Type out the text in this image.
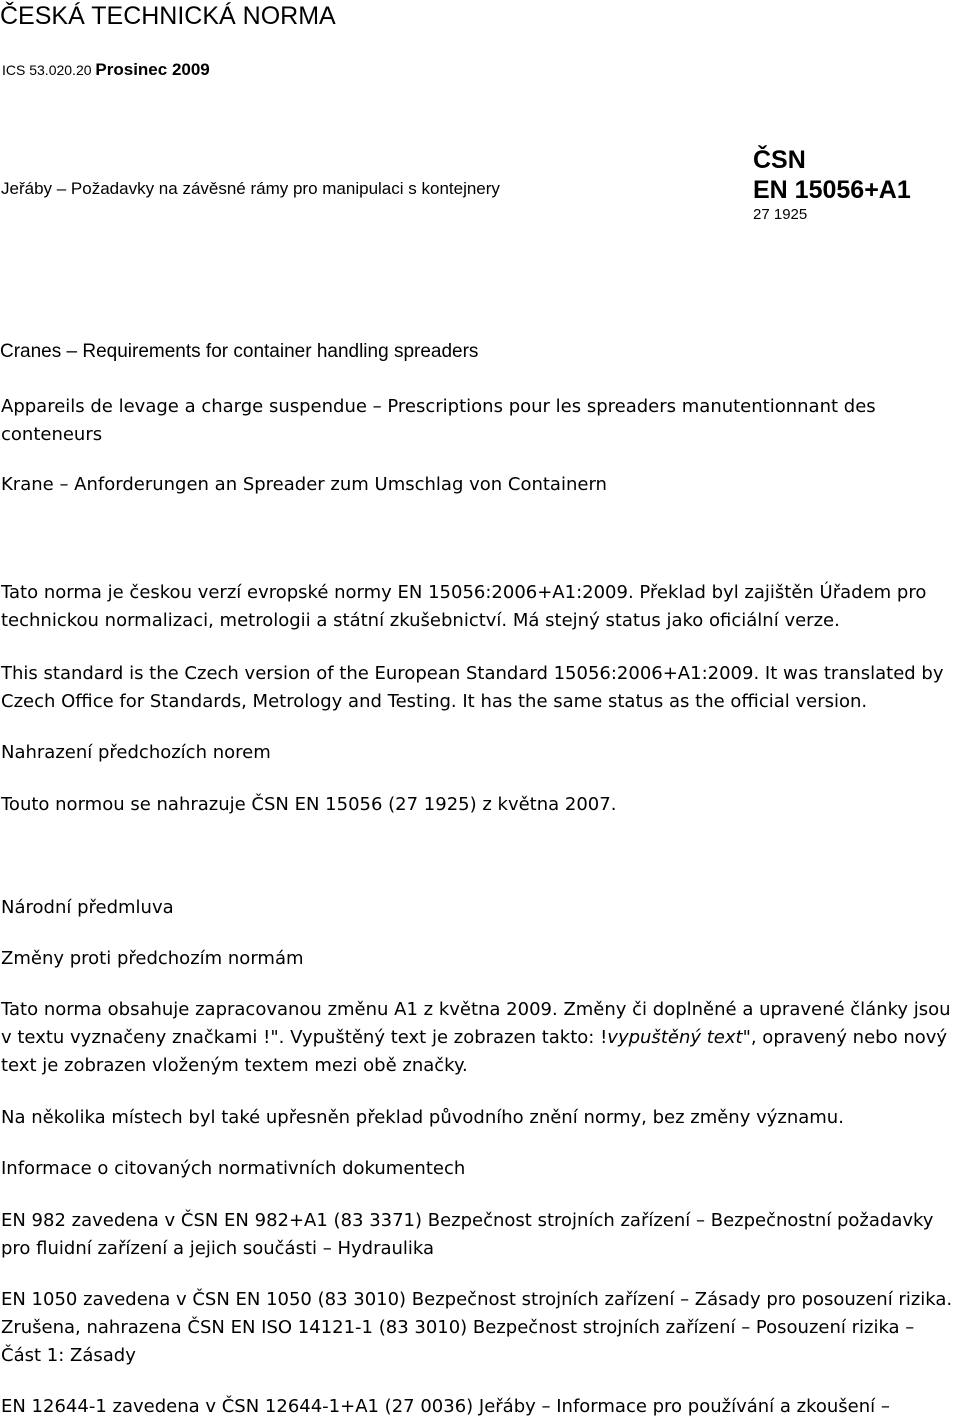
ČESKÁ TECHNICKÁ NORMA
ICS 53.020.20 Prosinec 2009
Jeřáby – Požadavky na závěsné rámy pro manipulaci s kontejnery
ČSN
EN 15056+A1
27 1925
Cranes – Requirements for container handling spreaders
Appareils de levage a charge suspendue – Prescriptions pour les spreaders manutentionnant des conteneurs
Krane – Anforderungen an Spreader zum Umschlag von Containern
Tato norma je českou verzí evropské normy EN 15056:2006+A1:2009. Překlad byl zajištěn Úřadem pro technickou normalizaci, metrologii a státní zkušebnictví. Má stejný status jako oficiální verze.
This standard is the Czech version of the European Standard 15056:2006+A1:2009. It was translated by Czech Office for Standards, Metrology and Testing. It has the same status as the official version.
Nahrazení předchozích norem
Touto normou se nahrazuje ČSN EN 15056 (27 1925) z května 2007.
Národní předmluva
Změny proti předchozím normám
Tato norma obsahuje zapracovanou změnu A1 z května 2009. Změny či doplněné a upravené články jsou v textu vyznačeny značkami !". Vypuštěný text je zobrazen takto: !vypuštěný text", opravený nebo nový text je zobrazen vloženým textem mezi obě značky.
Na několika místech byl také upřesněn překlad původního znění normy, bez změny významu.
Informace o citovaných normativních dokumentech
EN 982 zavedena v ČSN EN 982+A1 (83 3371) Bezpečnost strojních zařízení – Bezpečnostní požadavky pro fluidní zařízení a jejich součásti – Hydraulika
EN 1050 zavedena v ČSN EN 1050 (83 3010) Bezpečnost strojních zařízení – Zásady pro posouzení rizika. Zrušena, nahrazena ČSN EN ISO 14121-1 (83 3010) Bezpečnost strojních zařízení – Posouzení rizika – Část 1: Zásady
EN 12644-1 zavedena v ČSN 12644-1+A1 (27 0036) Jeřáby – Informace pro používání a zkoušení –
